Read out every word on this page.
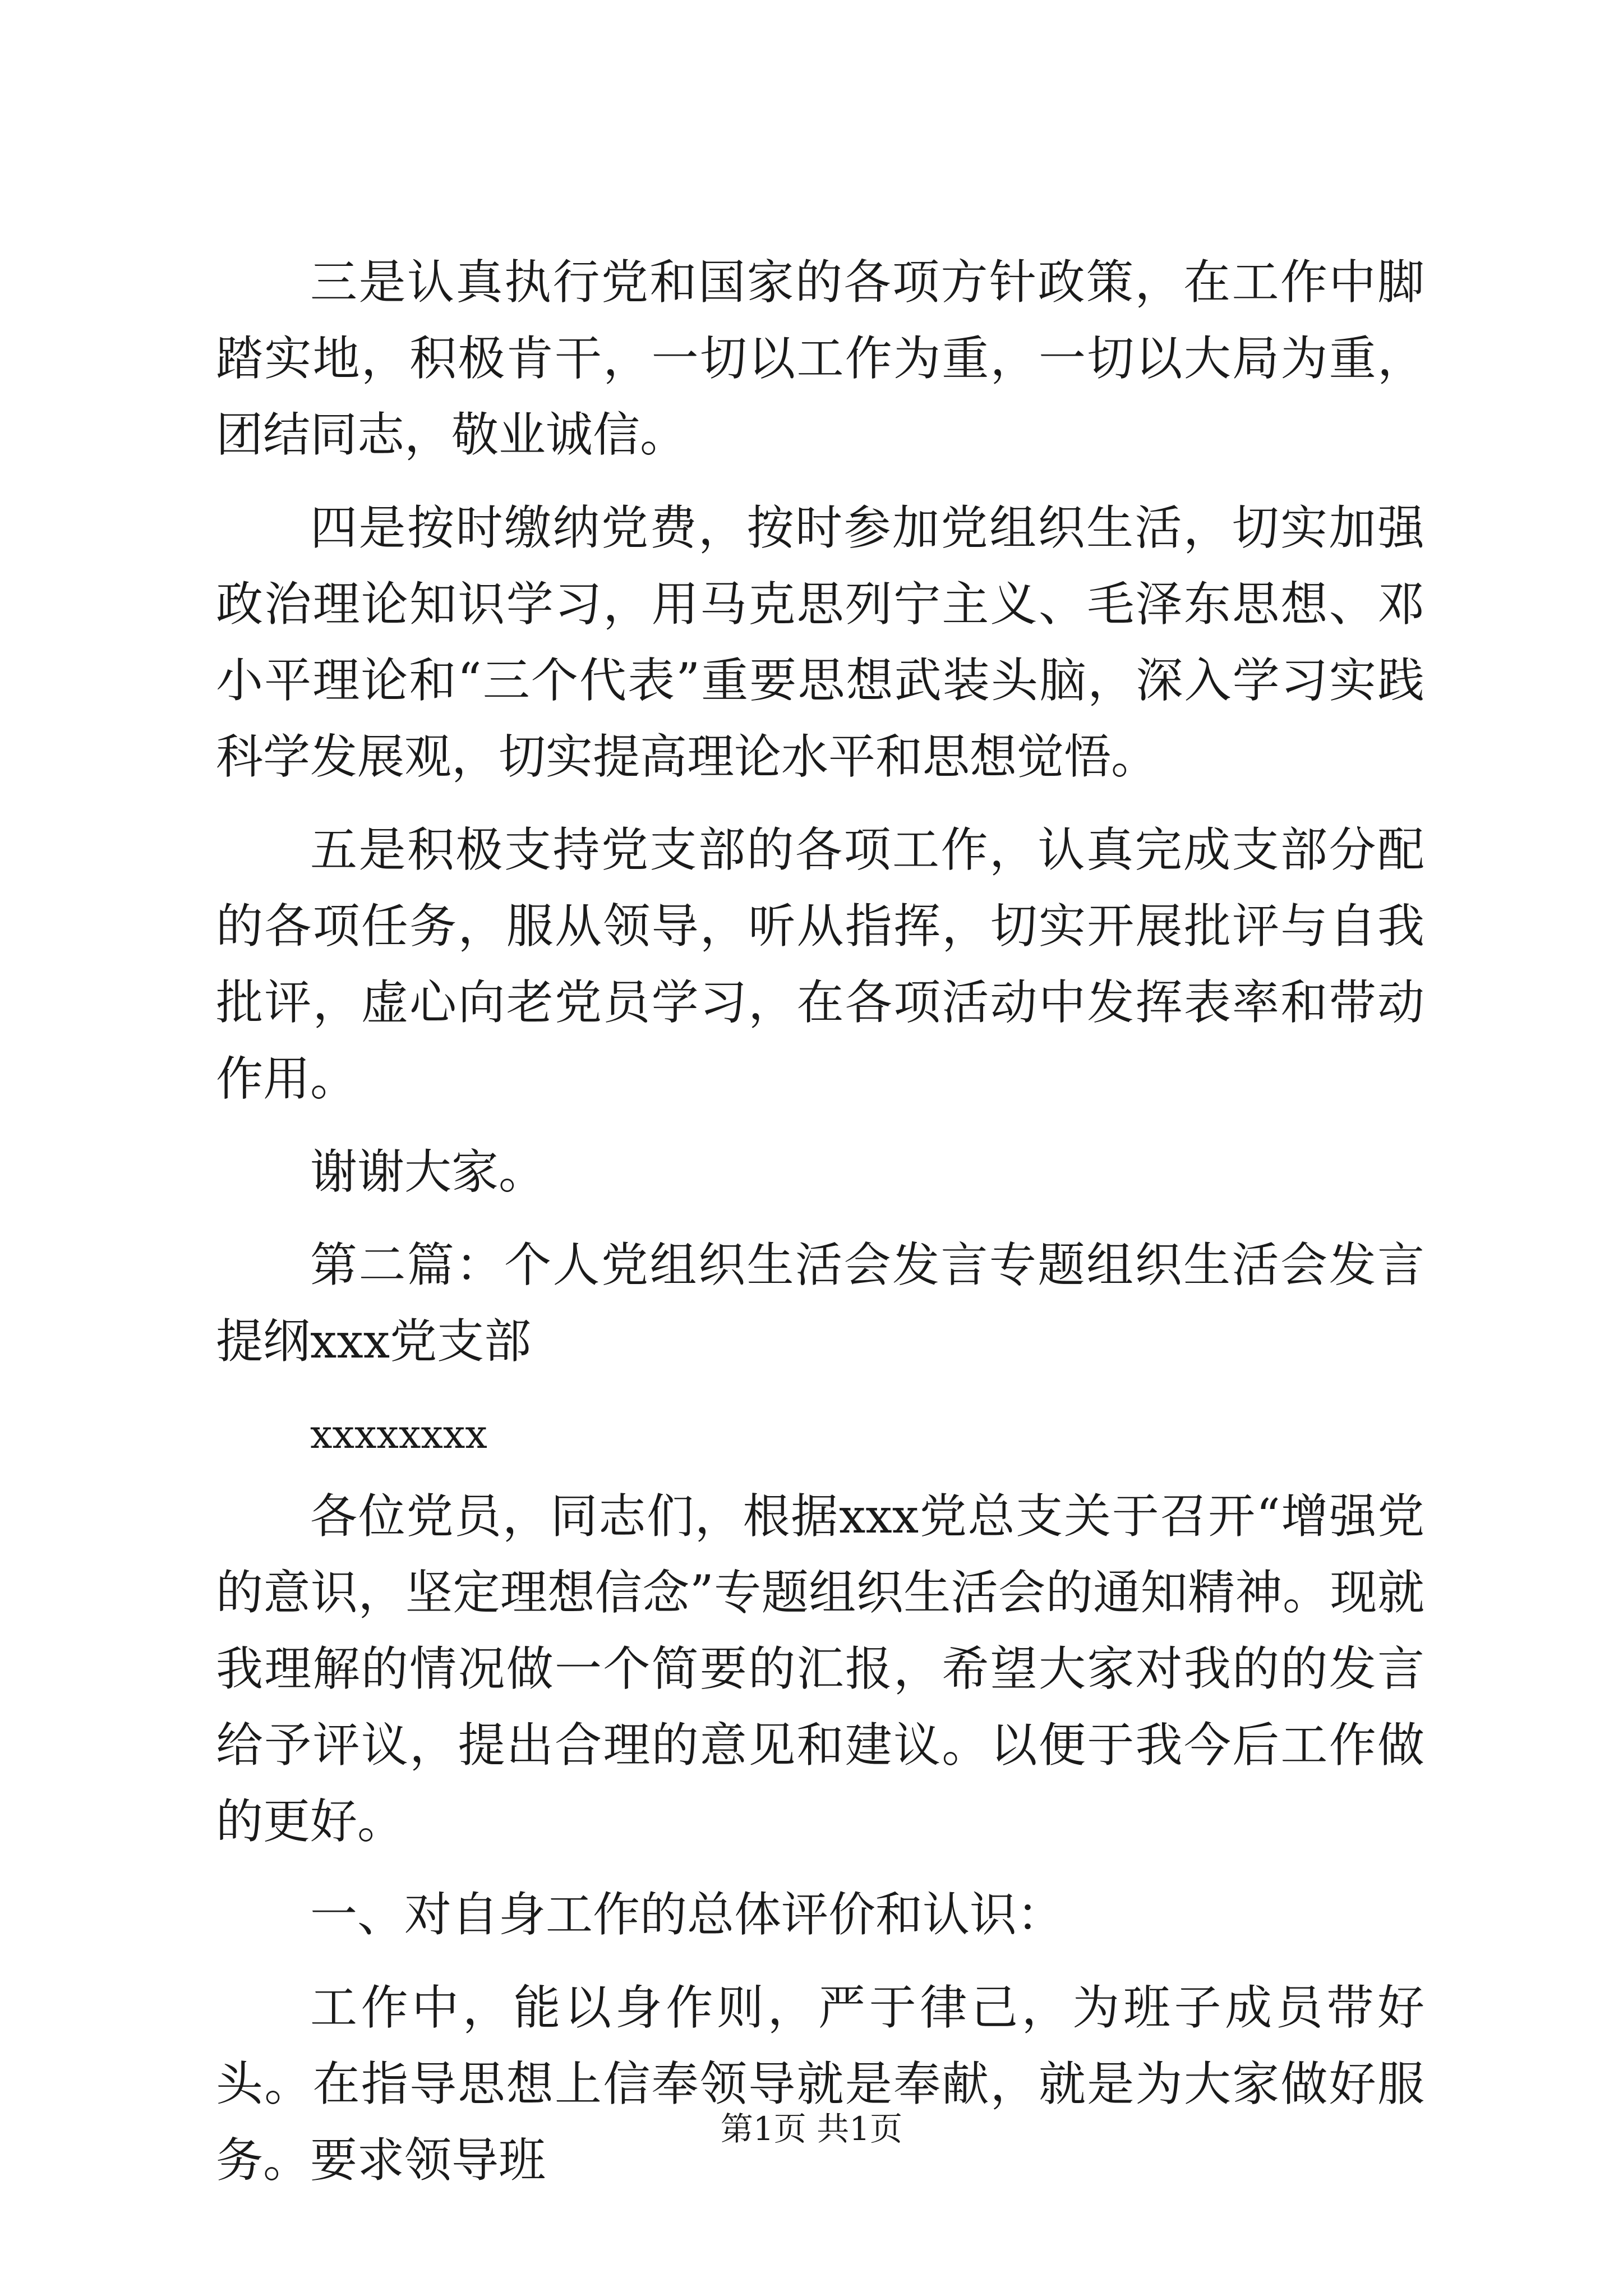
三是认真执行党和国家的各项方针政策，在工作中脚踏实地，积极肯干，一切以工作为重，一切以大局为重，团结同志，敬业诚信。

四是按时缴纳党费，按时参加党组织生活，切实加强政治理论知识学习，用马克思列宁主义、毛泽东思想、邓小平理论和“三个代表”重要思想武装头脑，深入学习实践科学发展观，切实提高理论水平和思想觉悟。

五是积极支持党支部的各项工作，认真完成支部分配的各项任务，服从领导，听从指挥，切实开展批评与自我批评，虚心向老党员学习，在各项活动中发挥表率和带动作用。

谢谢大家。

第二篇：个人党组织生活会发言专题组织生活会发言提纲xxx党支部

xxxxxxxx

各位党员，同志们，根据xxx党总支关于召开“增强党的意识，坚定理想信念”专题组织生活会的通知精神。现就我理解的情况做一个简要的汇报，希望大家对我的的发言给予评议，提出合理的意见和建议。以便于我今后工作做的更好。

一、对自身工作的总体评价和认识：

工作中，能以身作则，严于律己，为班子成员带好头。在指导思想上信奉领导就是奉献，就是为大家做好服务。要求领导班

第1页 共1页
